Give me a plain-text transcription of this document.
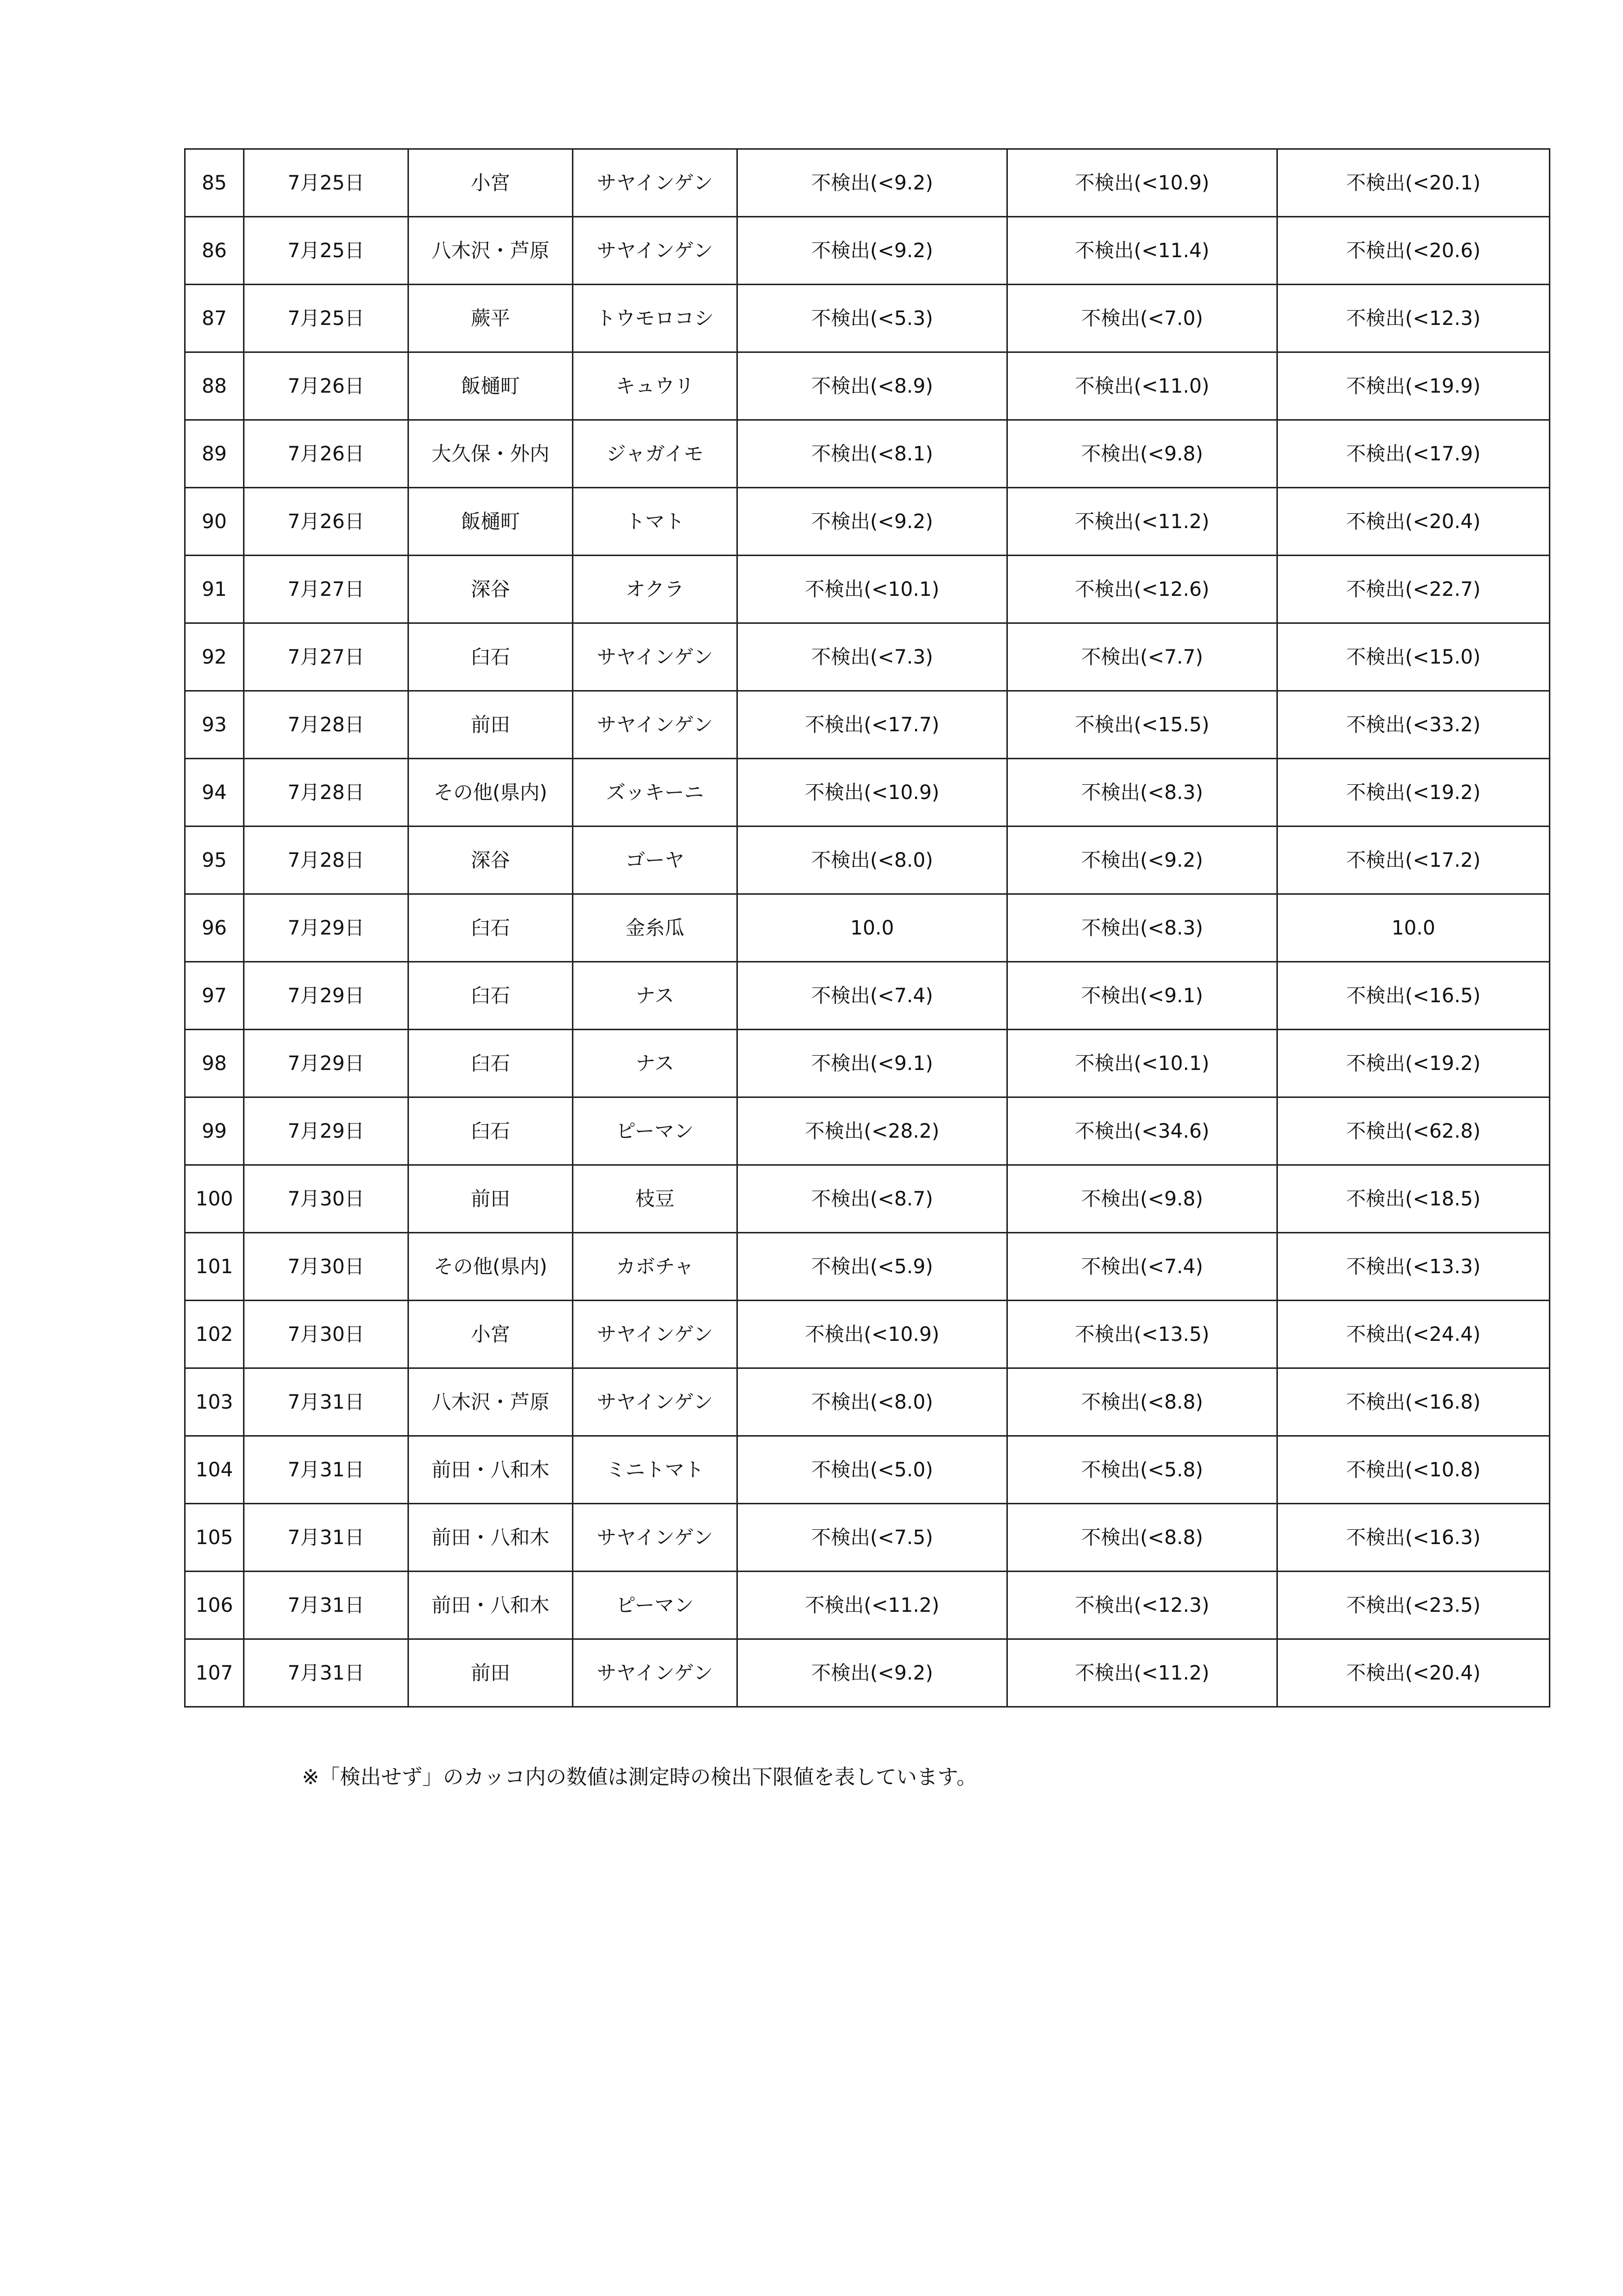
85	7月25日	小宮	サヤインゲン	不検出(<9.2)	不検出(<10.9)	不検出(<20.1)
86	7月25日	八木沢・芦原	サヤインゲン	不検出(<9.2)	不検出(<11.4)	不検出(<20.6)
87	7月25日	蕨平	トウモロコシ	不検出(<5.3)	不検出(<7.0)	不検出(<12.3)
88	7月26日	飯樋町	キュウリ	不検出(<8.9)	不検出(<11.0)	不検出(<19.9)
89	7月26日	大久保・外内	ジャガイモ	不検出(<8.1)	不検出(<9.8)	不検出(<17.9)
90	7月26日	飯樋町	トマト	不検出(<9.2)	不検出(<11.2)	不検出(<20.4)
91	7月27日	深谷	オクラ	不検出(<10.1)	不検出(<12.6)	不検出(<22.7)
92	7月27日	臼石	サヤインゲン	不検出(<7.3)	不検出(<7.7)	不検出(<15.0)
93	7月28日	前田	サヤインゲン	不検出(<17.7)	不検出(<15.5)	不検出(<33.2)
94	7月28日	その他(県内)	ズッキーニ	不検出(<10.9)	不検出(<8.3)	不検出(<19.2)
95	7月28日	深谷	ゴーヤ	不検出(<8.0)	不検出(<9.2)	不検出(<17.2)
96	7月29日	臼石	金糸瓜	10.0	不検出(<8.3)	10.0
97	7月29日	臼石	ナス	不検出(<7.4)	不検出(<9.1)	不検出(<16.5)
98	7月29日	臼石	ナス	不検出(<9.1)	不検出(<10.1)	不検出(<19.2)
99	7月29日	臼石	ピーマン	不検出(<28.2)	不検出(<34.6)	不検出(<62.8)
100	7月30日	前田	枝豆	不検出(<8.7)	不検出(<9.8)	不検出(<18.5)
101	7月30日	その他(県内)	カボチャ	不検出(<5.9)	不検出(<7.4)	不検出(<13.3)
102	7月30日	小宮	サヤインゲン	不検出(<10.9)	不検出(<13.5)	不検出(<24.4)
103	7月31日	八木沢・芦原	サヤインゲン	不検出(<8.0)	不検出(<8.8)	不検出(<16.8)
104	7月31日	前田・八和木	ミニトマト	不検出(<5.0)	不検出(<5.8)	不検出(<10.8)
105	7月31日	前田・八和木	サヤインゲン	不検出(<7.5)	不検出(<8.8)	不検出(<16.3)
106	7月31日	前田・八和木	ピーマン	不検出(<11.2)	不検出(<12.3)	不検出(<23.5)
107	7月31日	前田	サヤインゲン	不検出(<9.2)	不検出(<11.2)	不検出(<20.4)
※「検出せず」のカッコ内の数値は測定時の検出下限値を表しています。
